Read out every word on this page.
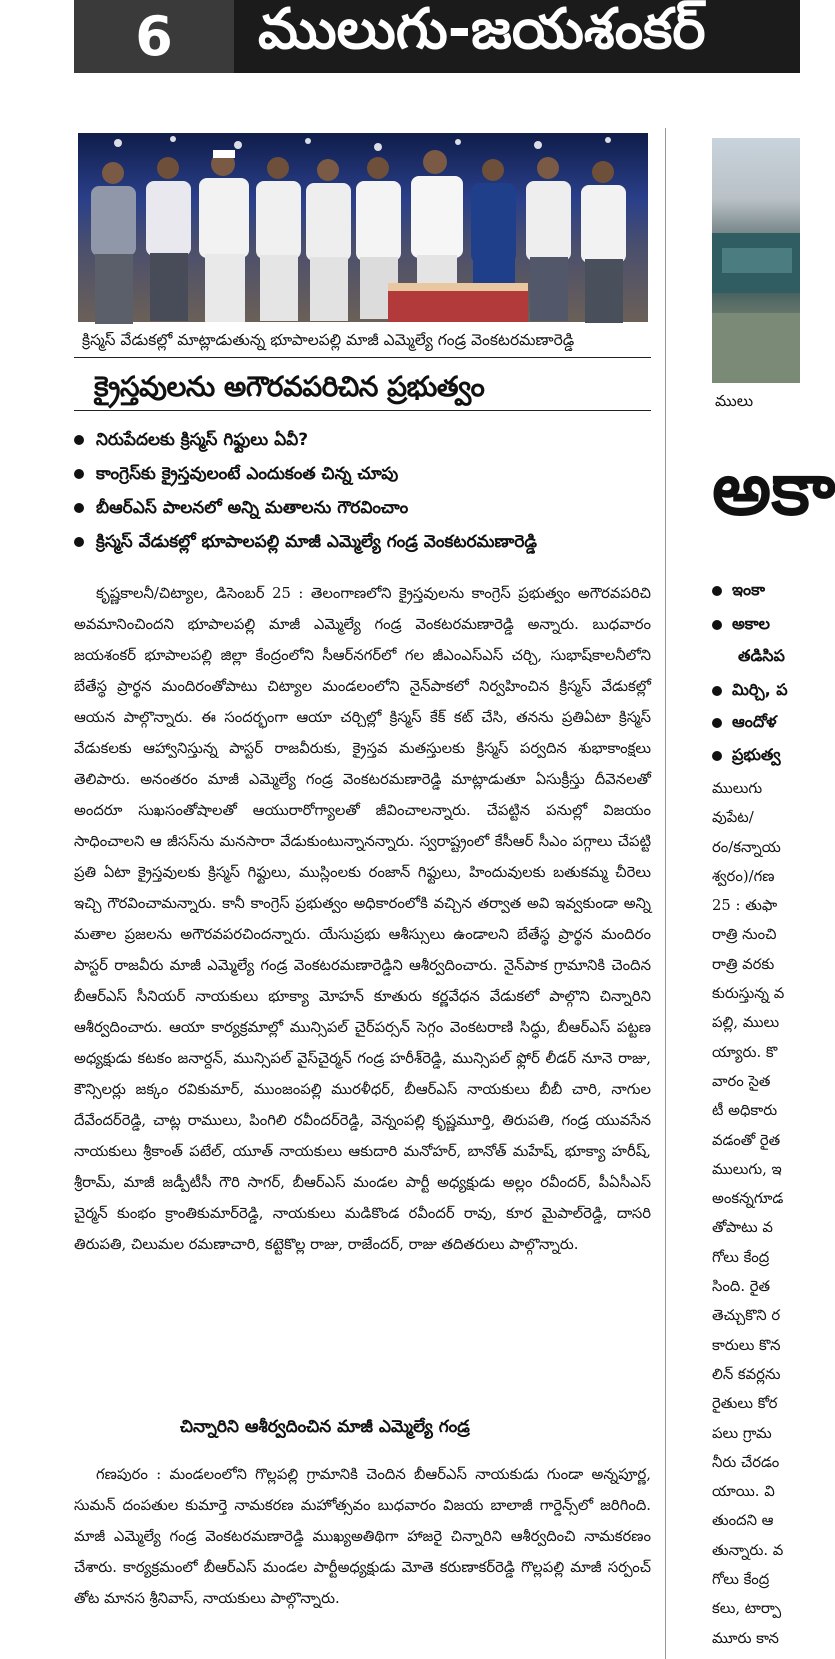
6	ములుగు-జయశంకర్
క్రిస్మస్ వేడుకల్లో మాట్లాడుతున్న భూపాలపల్లి మాజీ ఎమ్మెల్యే గండ్ర వెంకటరమణారెడ్డి
క్రైస్తవులను అగౌరవపరిచిన ప్రభుత్వం
నిరుపేదలకు క్రిస్మస్ గిఫ్టులు ఏవీ?
కాంగ్రెస్‌కు క్రైస్తవులంటే ఎందుకంత చిన్న చూపు
బీఆర్ఎస్ పాలనలో అన్ని మతాలను గౌరవించాం
క్రిస్మస్ వేడుకల్లో భూపాలపల్లి మాజీ ఎమ్మెల్యే గండ్ర వెంకటరమణారెడ్డి
కృష్ణకాలనీ/చిట్యాల, డిసెంబర్ 25 : తెలంగాణలోని క్రైస్తవులను కాంగ్రెస్ ప్రభుత్వం అగౌరవపరిచి అవమానించిందని భూపాలపల్లి మాజీ ఎమ్మెల్యే గండ్ర వెంకటరమణారెడ్డి అన్నారు. బుధవారం జయశంకర్ భూపాలపల్లి జిల్లా కేంద్రంలోని సీఆర్‌నగర్‌లో గల జీఎంఎస్ఎస్ చర్చి, సుభాష్‌కాలనీలోని బేతేస్థ ప్రార్థన మందిరంతోపాటు చిట్యాల మండలంలోని నైన్‌పాకలో నిర్వహించిన క్రిస్మస్ వేడుకల్లో ఆయన పాల్గొన్నారు. ఈ సందర్భంగా ఆయా చర్చిల్లో క్రిస్మస్ కేక్ కట్ చేసి, తనను ప్రతిఏటా క్రిస్మస్ వేడుకలకు ఆహ్వానిస్తున్న పాస్టర్ రాజవీరుకు, క్రైస్తవ మతస్తులకు క్రిస్మస్ పర్వదిన శుభాకాంక్షలు తెలిపారు. అనంతరం మాజీ ఎమ్మెల్యే గండ్ర వెంకటరమణారెడ్డి మాట్లాడుతూ ఏసుక్రీస్తు దీవెనలతో అందరూ సుఖసంతోషాలతో ఆయురారోగ్యాలతో జీవించాలన్నారు. చేపట్టిన పనుల్లో విజయం సాధించాలని ఆ జీసస్‌ను మనసారా వేడుకుంటున్నానన్నారు. స్వరాష్ట్రంలో కేసీఆర్ సీఎం పగ్గాలు చేపట్టి ప్రతి ఏటా క్రైస్తవులకు క్రిస్మస్ గిఫ్టులు, ముస్లింలకు రంజాన్ గిఫ్టులు, హిందువులకు బతుకమ్మ చీరెలు ఇచ్చి గౌరవించామన్నారు. కానీ కాంగ్రెస్ ప్రభుత్వం అధికారంలోకి వచ్చిన తర్వాత అవి ఇవ్వకుండా అన్ని మతాల ప్రజలను అగౌరవపరచిందన్నారు. యేసుప్రభు ఆశీస్సులు ఉండాలని బేతేస్థ ప్రార్థన మందిరం పాస్టర్ రాజవీరు మాజీ ఎమ్మెల్యే గండ్ర వెంకటరమణారెడ్డిని ఆశీర్వదించారు. నైన్‌పాక గ్రామానికి చెందిన బీఆర్ఎస్ సీనియర్ నాయకులు భూక్యా మోహన్ కూతురు కర్ణవేధన వేడుకలో పాల్గొని చిన్నారిని ఆశీర్వదించారు. ఆయా కార్యక్రమాల్లో మున్సిపల్ చైర్‌పర్సన్ సెగ్గం వెంకటరాణి సిద్ధు, బీఆర్ఎస్ పట్టణ అధ్యక్షుడు కటకం జనార్దన్, మున్సిపల్ వైస్‌చైర్మన్ గండ్ర హరీశ్‌రెడ్డి, మున్సిపల్ ఫ్లోర్ లీడర్ నూనె రాజు, కౌన్సిలర్లు జక్కం రవికుమార్, ముంజంపల్లి మురళీధర్, బీఆర్ఎస్ నాయకులు బీబీ చారి, నాగుల దేవేందర్‌రెడ్డి, చాట్ల రాములు, పింగిలి రవీందర్‌రెడ్డి, వెన్నంపల్లి కృష్ణమూర్తి, తిరుపతి, గండ్ర యువసేన నాయకులు శ్రీకాంత్ పటేల్, యూత్ నాయకులు ఆకుదారి మనోహర్, బానోత్ మహేష్, భూక్యా హరీష్, శ్రీరామ్, మాజీ జడ్పీటీసీ గౌరి సాగర్, బీఆర్ఎస్ మండల పార్టీ అధ్యక్షుడు అల్లం రవీందర్, పీఏసీఎస్ చైర్మన్ కుంభం క్రాంతికుమార్‌రెడ్డి, నాయకులు మడికొండ రవీందర్ రావు, కూర మైపాల్‌రెడ్డి, దాసరి తిరుపతి, చిలుమల రమణాచారి, కట్టెకొల్ల రాజు, రాజేందర్, రాజు తదితరులు పాల్గొన్నారు.
చిన్నారిని ఆశీర్వదించిన మాజీ ఎమ్మెల్యే గండ్ర
గణపురం : మండలంలోని గొల్లపల్లి గ్రామానికి చెందిన బీఆర్ఎస్ నాయకుడు గుండా అన్నపూర్ణ, సుమన్ దంపతుల కుమార్తె నామకరణ మహోత్సవం బుధవారం విజయ బాలాజీ గార్డెన్స్‌లో జరిగింది. మాజీ ఎమ్మెల్యే గండ్ర వెంకటరమణారెడ్డి ముఖ్యఅతిథిగా హాజరై చిన్నారిని ఆశీర్వదించి నామకరణం చేశారు. కార్యక్రమంలో బీఆర్ఎస్ మండల పార్టీఅధ్యక్షుడు మోతె కరుణాకర్‌రెడ్డి గొల్లపల్లి మాజీ సర్పంచ్ తోట మానస శ్రీనివాస్, నాయకులు పాల్గొన్నారు.
ములు
అకా
ఇంకా
అకాల
తడిసిప
మిర్చి, ప
ఆందోళ
ప్రభుత్వ
ములుగు
వుపేట/
రం/కన్నాయ
శ్వరం)/గణ
25 : తుఫా
రాత్రి నుంచి
రాత్రి వరకు
కురుస్తున్న వ
పల్లి, ములు
య్యారు. కొ
వారం సైత
టీ అధికారు
వడంతో రైత
ములుగు, ఇ
అంకన్నగూడ
తోపాటు వ
గోలు కేంద్ర
సింది. రైత
తెచ్చుకొని ర
కారులు కొన
లిన్ కవర్లను
రైతులు కోర
పలు గ్రామ
నీరు చేరడం
యాయి. వి
తుందని ఆ
తున్నారు. వ
గోలు కేంద్ర
కలు, టార్పా
మూరు కాన
